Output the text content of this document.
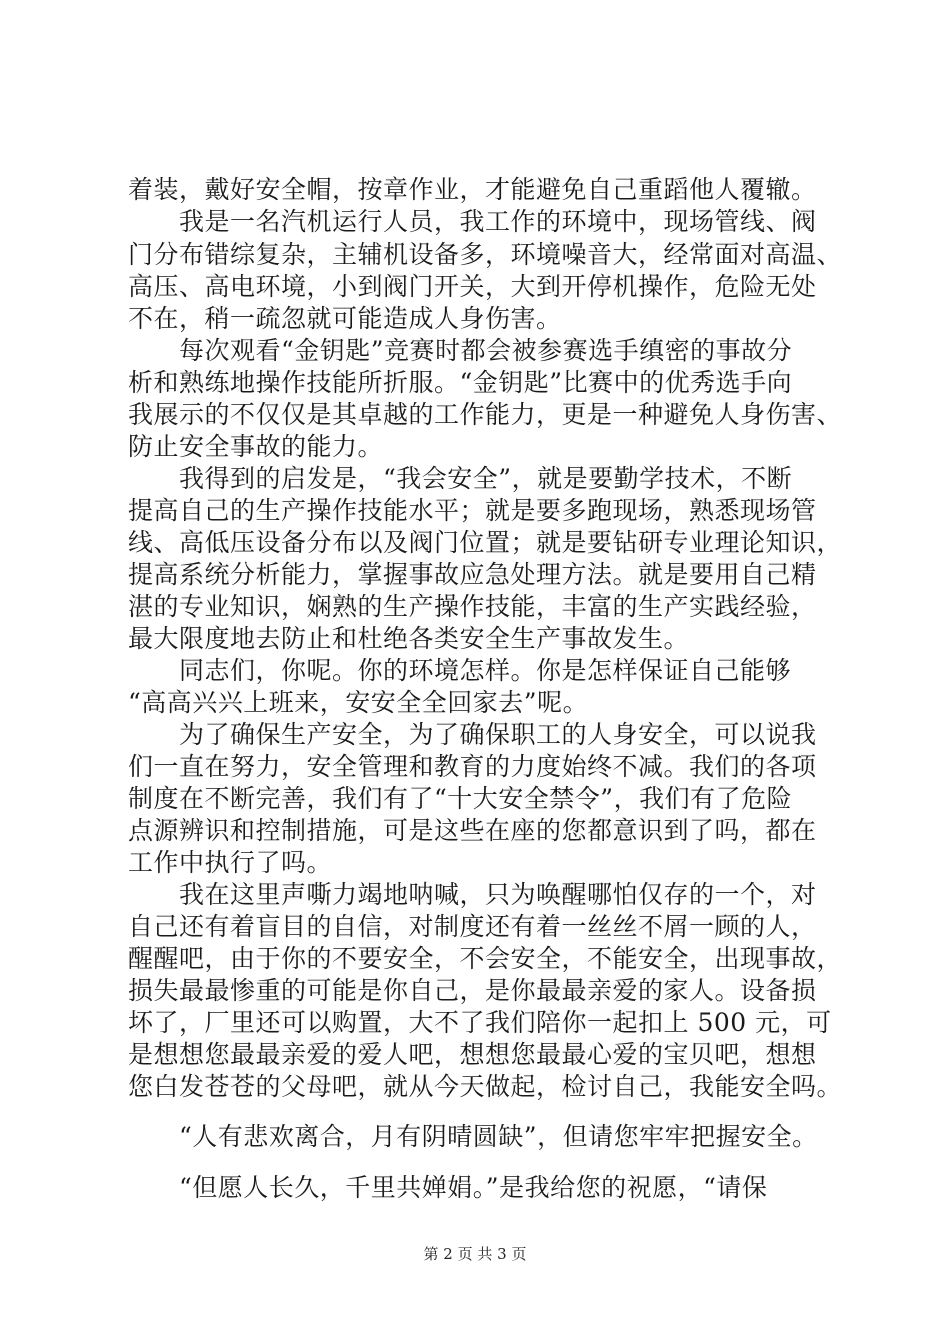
着装，戴好安全帽，按章作业，才能避免自己重蹈他人覆辙。
　　我是一名汽机运行人员，我工作的环境中，现场管线、阀
门分布错综复杂，主辅机设备多，环境噪音大，经常面对高温、
高压、高电环境，小到阀门开关，大到开停机操作，危险无处
不在，稍一疏忽就可能造成人身伤害。
　　每次观看“金钥匙”竞赛时都会被参赛选手缜密的事故分
析和熟练地操作技能所折服。“金钥匙”比赛中的优秀选手向
我展示的不仅仅是其卓越的工作能力，更是一种避免人身伤害、
防止安全事故的能力。
　　我得到的启发是，“我会安全”，就是要勤学技术，不断
提高自己的生产操作技能水平；就是要多跑现场，熟悉现场管
线、高低压设备分布以及阀门位置；就是要钻研专业理论知识，
提高系统分析能力，掌握事故应急处理方法。就是要用自己精
湛的专业知识，娴熟的生产操作技能，丰富的生产实践经验，
最大限度地去防止和杜绝各类安全生产事故发生。
　　同志们，你呢。你的环境怎样。你是怎样保证自己能够
“高高兴兴上班来，安安全全回家去”呢。
　　为了确保生产安全，为了确保职工的人身安全，可以说我
们一直在努力，安全管理和教育的力度始终不减。我们的各项
制度在不断完善，我们有了“十大安全禁令”，我们有了危险
点源辨识和控制措施，可是这些在座的您都意识到了吗，都在
工作中执行了吗。
　　我在这里声嘶力竭地呐喊，只为唤醒哪怕仅存的一个，对
自己还有着盲目的自信，对制度还有着一丝丝不屑一顾的人，
醒醒吧，由于你的不要安全，不会安全，不能安全，出现事故，
损失最最惨重的可能是你自己，是你最最亲爱的家人。设备损
坏了，厂里还可以购置，大不了我们陪你一起扣上 500 元，可
是想想您最最亲爱的爱人吧，想想您最最心爱的宝贝吧，想想
您白发苍苍的父母吧，就从今天做起，检讨自己，我能安全吗。
　　“人有悲欢离合，月有阴晴圆缺”，但请您牢牢把握安全。
　　“但愿人长久，千里共婵娟。”是我给您的祝愿，“请保
第 2 页 共 3 页
